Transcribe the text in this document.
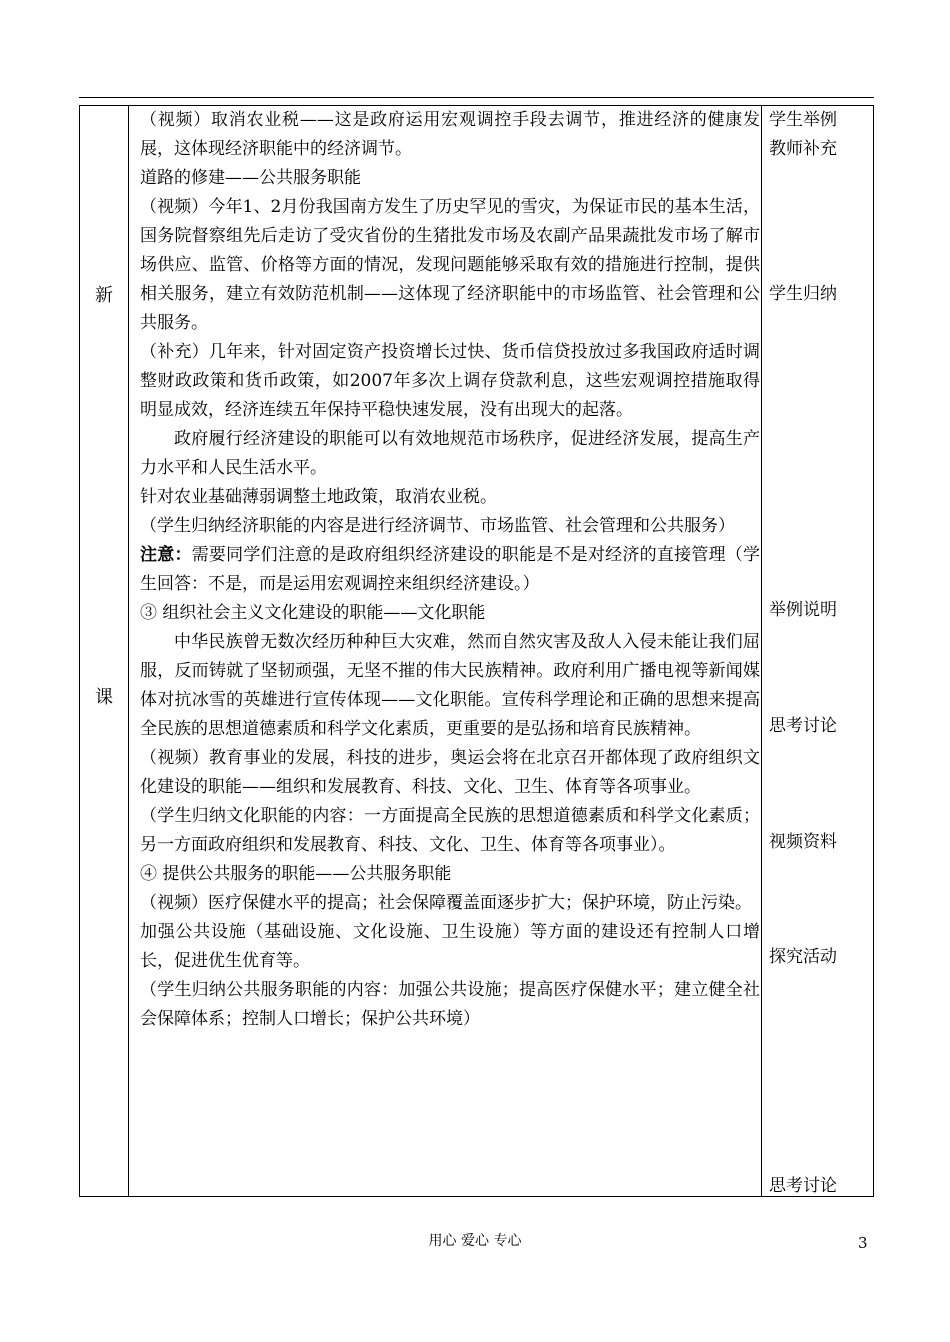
新
课

（视频）取消农业税——这是政府运用宏观调控手段去调节，推进经济的健康发展，这体现经济职能中的经济调节。

道路的修建——公共服务职能

（视频）今年1、2月份我国南方发生了历史罕见的雪灾，为保证市民的基本生活，国务院督察组先后走访了受灾省份的生猪批发市场及农副产品果蔬批发市场了解市场供应、监管、价格等方面的情况，发现问题能够采取有效的措施进行控制，提供相关服务，建立有效防范机制——这体现了经济职能中的市场监管、社会管理和公共服务。

（补充）几年来，针对固定资产投资增长过快、货币信贷投放过多我国政府适时调整财政政策和货币政策，如2007年多次上调存贷款利息，这些宏观调控措施取得明显成效，经济连续五年保持平稳快速发展，没有出现大的起落。

政府履行经济建设的职能可以有效地规范市场秩序，促进经济发展，提高生产力水平和人民生活水平。

针对农业基础薄弱调整土地政策，取消农业税。

（学生归纳经济职能的内容是进行经济调节、市场监管、社会管理和公共服务）

注意：需要同学们注意的是政府组织经济建设的职能是不是对经济的直接管理（学生回答：不是，而是运用宏观调控来组织经济建设。）

③ 组织社会主义文化建设的职能——文化职能

中华民族曾无数次经历种种巨大灾难，然而自然灾害及敌人入侵未能让我们屈服，反而铸就了坚韧顽强，无坚不摧的伟大民族精神。政府利用广播电视等新闻媒体对抗冰雪的英雄进行宣传体现——文化职能。宣传科学理论和正确的思想来提高全民族的思想道德素质和科学文化素质，更重要的是弘扬和培育民族精神。

（视频）教育事业的发展，科技的进步，奥运会将在北京召开都体现了政府组织文化建设的职能——组织和发展教育、科技、文化、卫生、体育等各项事业。

（学生归纳文化职能的内容：一方面提高全民族的思想道德素质和科学文化素质；另一方面政府组织和发展教育、科技、文化、卫生、体育等各项事业）。

④ 提供公共服务的职能——公共服务职能

（视频）医疗保健水平的提高；社会保障覆盖面逐步扩大；保护环境，防止污染。

加强公共设施（基础设施、文化设施、卫生设施）等方面的建设还有控制人口增长，促进优生优育等。

（学生归纳公共服务职能的内容：加强公共设施；提高医疗保健水平；建立健全社会保障体系；控制人口增长；保护公共环境）

学生举例
教师补充
学生归纳
举例说明
思考讨论
视频资料
探究活动
思考讨论
用心 爱心 专心	3
